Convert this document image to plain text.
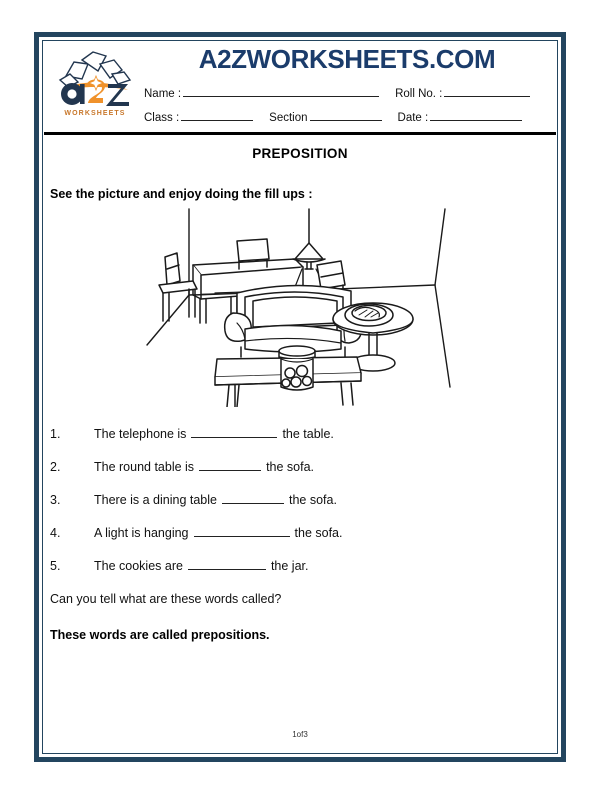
WORKSHEETS
A2ZWORKSHEETS.COM
Name :	Roll No. :
Class :	Section	Date :
PREPOSITION
See the picture and enjoy doing the fill ups :
1.	The telephone is	the table.
2.	The round table is	the sofa.
3.	There is a dining table	the sofa.
4.	A light is hanging	the sofa.
5.	The cookies are	the jar.
Can you tell what are these words called?
These words are called prepositions.
1of3
